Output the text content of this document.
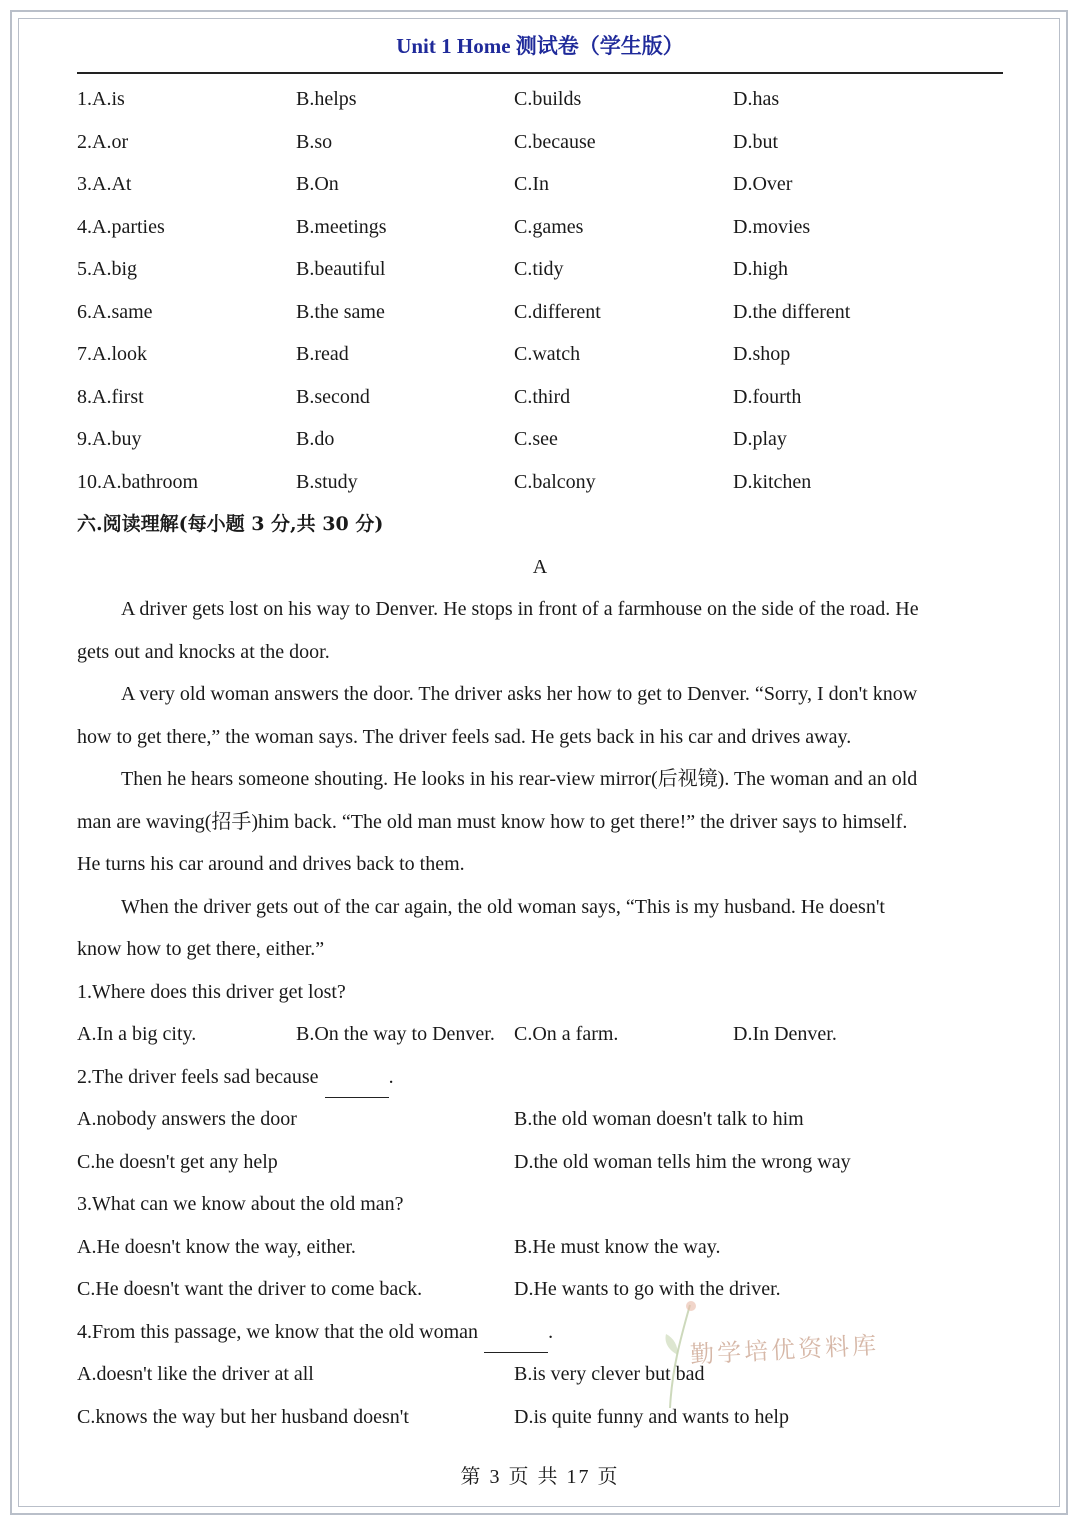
Unit 1 Home 测试卷（学生版）
1.A.is	B.helps	C.builds	D.has
2.A.or	B.so	C.because	D.but
3.A.At	B.On	C.In	D.Over
4.A.parties	B.meetings	C.games	D.movies
5.A.big	B.beautiful	C.tidy	D.high
6.A.same	B.the same	C.different	D.the different
7.A.look	B.read	C.watch	D.shop
8.A.first	B.second	C.third	D.fourth
9.A.buy	B.do	C.see	D.play
10.A.bathroom	B.study	C.balcony	D.kitchen
六.阅读理解(每小题 3 分,共 30 分)
A
A driver gets lost on his way to Denver. He stops in front of a farmhouse on the side of the road. He
gets out and knocks at the door.
A very old woman answers the door. The driver asks her how to get to Denver. “Sorry, I don't know
how to get there,” the woman says. The driver feels sad. He gets back in his car and drives away.
Then he hears someone shouting. He looks in his rear-view mirror(后视镜). The woman and an old
man are waving(招手)him back. “The old man must know how to get there!” the driver says to himself.
He turns his car around and drives back to them.
When the driver gets out of the car again, the old woman says, “This is my husband. He doesn't
know how to get there, either.”
1.Where does this driver get lost?
A.In a big city.	B.On the way to Denver. C.On a farm.	D.In Denver.
2.The driver feels sad because	.
A.nobody answers the door	B.the old woman doesn't talk to him
C.he doesn't get any help	D.the old woman tells him the wrong way
3.What can we know about the old man?
A.He doesn't know the way, either.	B.He must know the way.
C.He doesn't want the driver to come back.	D.He wants to go with the driver.
4.From this passage, we know that the old woman	.
A.doesn't like the driver at all	B.is very clever but bad
C.knows the way but her husband doesn't	D.is quite funny and wants to help
勤学培优资料库
第 3 页 共 17 页
